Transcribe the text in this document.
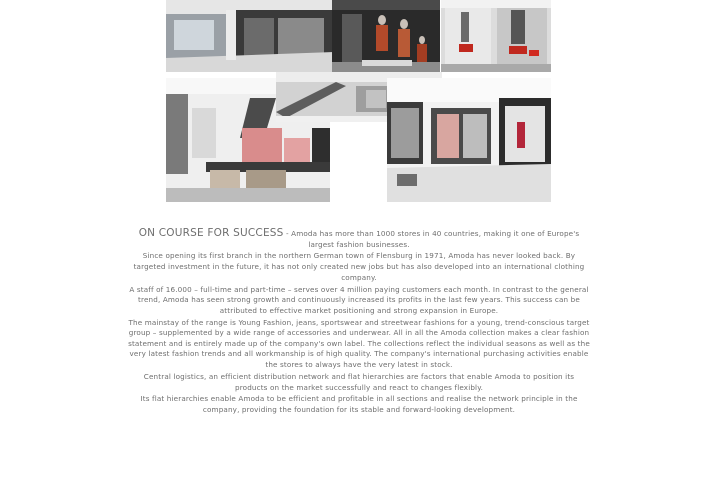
ON COURSE FOR SUCCESS - Amoda has more than 1000 stores in 40 countries, making it one of Europe's largest fashion businesses.

Since opening its first branch in the northern German town of Flensburg in 1971, Amoda has never looked back. By targeted investment in the future, it has not only created new jobs but has also developed into an international clothing company.

A staff of 16.000 – full-time and part-time – serves over 4 million paying customers each month. In contrast to the general trend, Amoda has seen strong growth and continuously increased its profits in the last few years. This success can be attributed to effective market positioning and strong expansion in Europe.

The mainstay of the range is Young Fashion, jeans, sportswear and streetwear fashions for a young, trend-conscious target group – supplemented by a wide range of accessories and underwear. All in all the Amoda collection makes a clear fashion statement and is entirely made up of the company's own label. The collections reflect the individual seasons as well as the very latest fashion trends and all workmanship is of high quality. The company's international purchasing activities enable the stores to always have the very latest in stock.

Central logistics, an efficient distribution network and flat hierarchies are factors that enable Amoda to position its products on the market successfully and react to changes flexibly.

Its flat hierarchies enable Amoda to be efficient and profitable in all sections and realise the network principle in the company, providing the foundation for its stable and forward-looking development.
